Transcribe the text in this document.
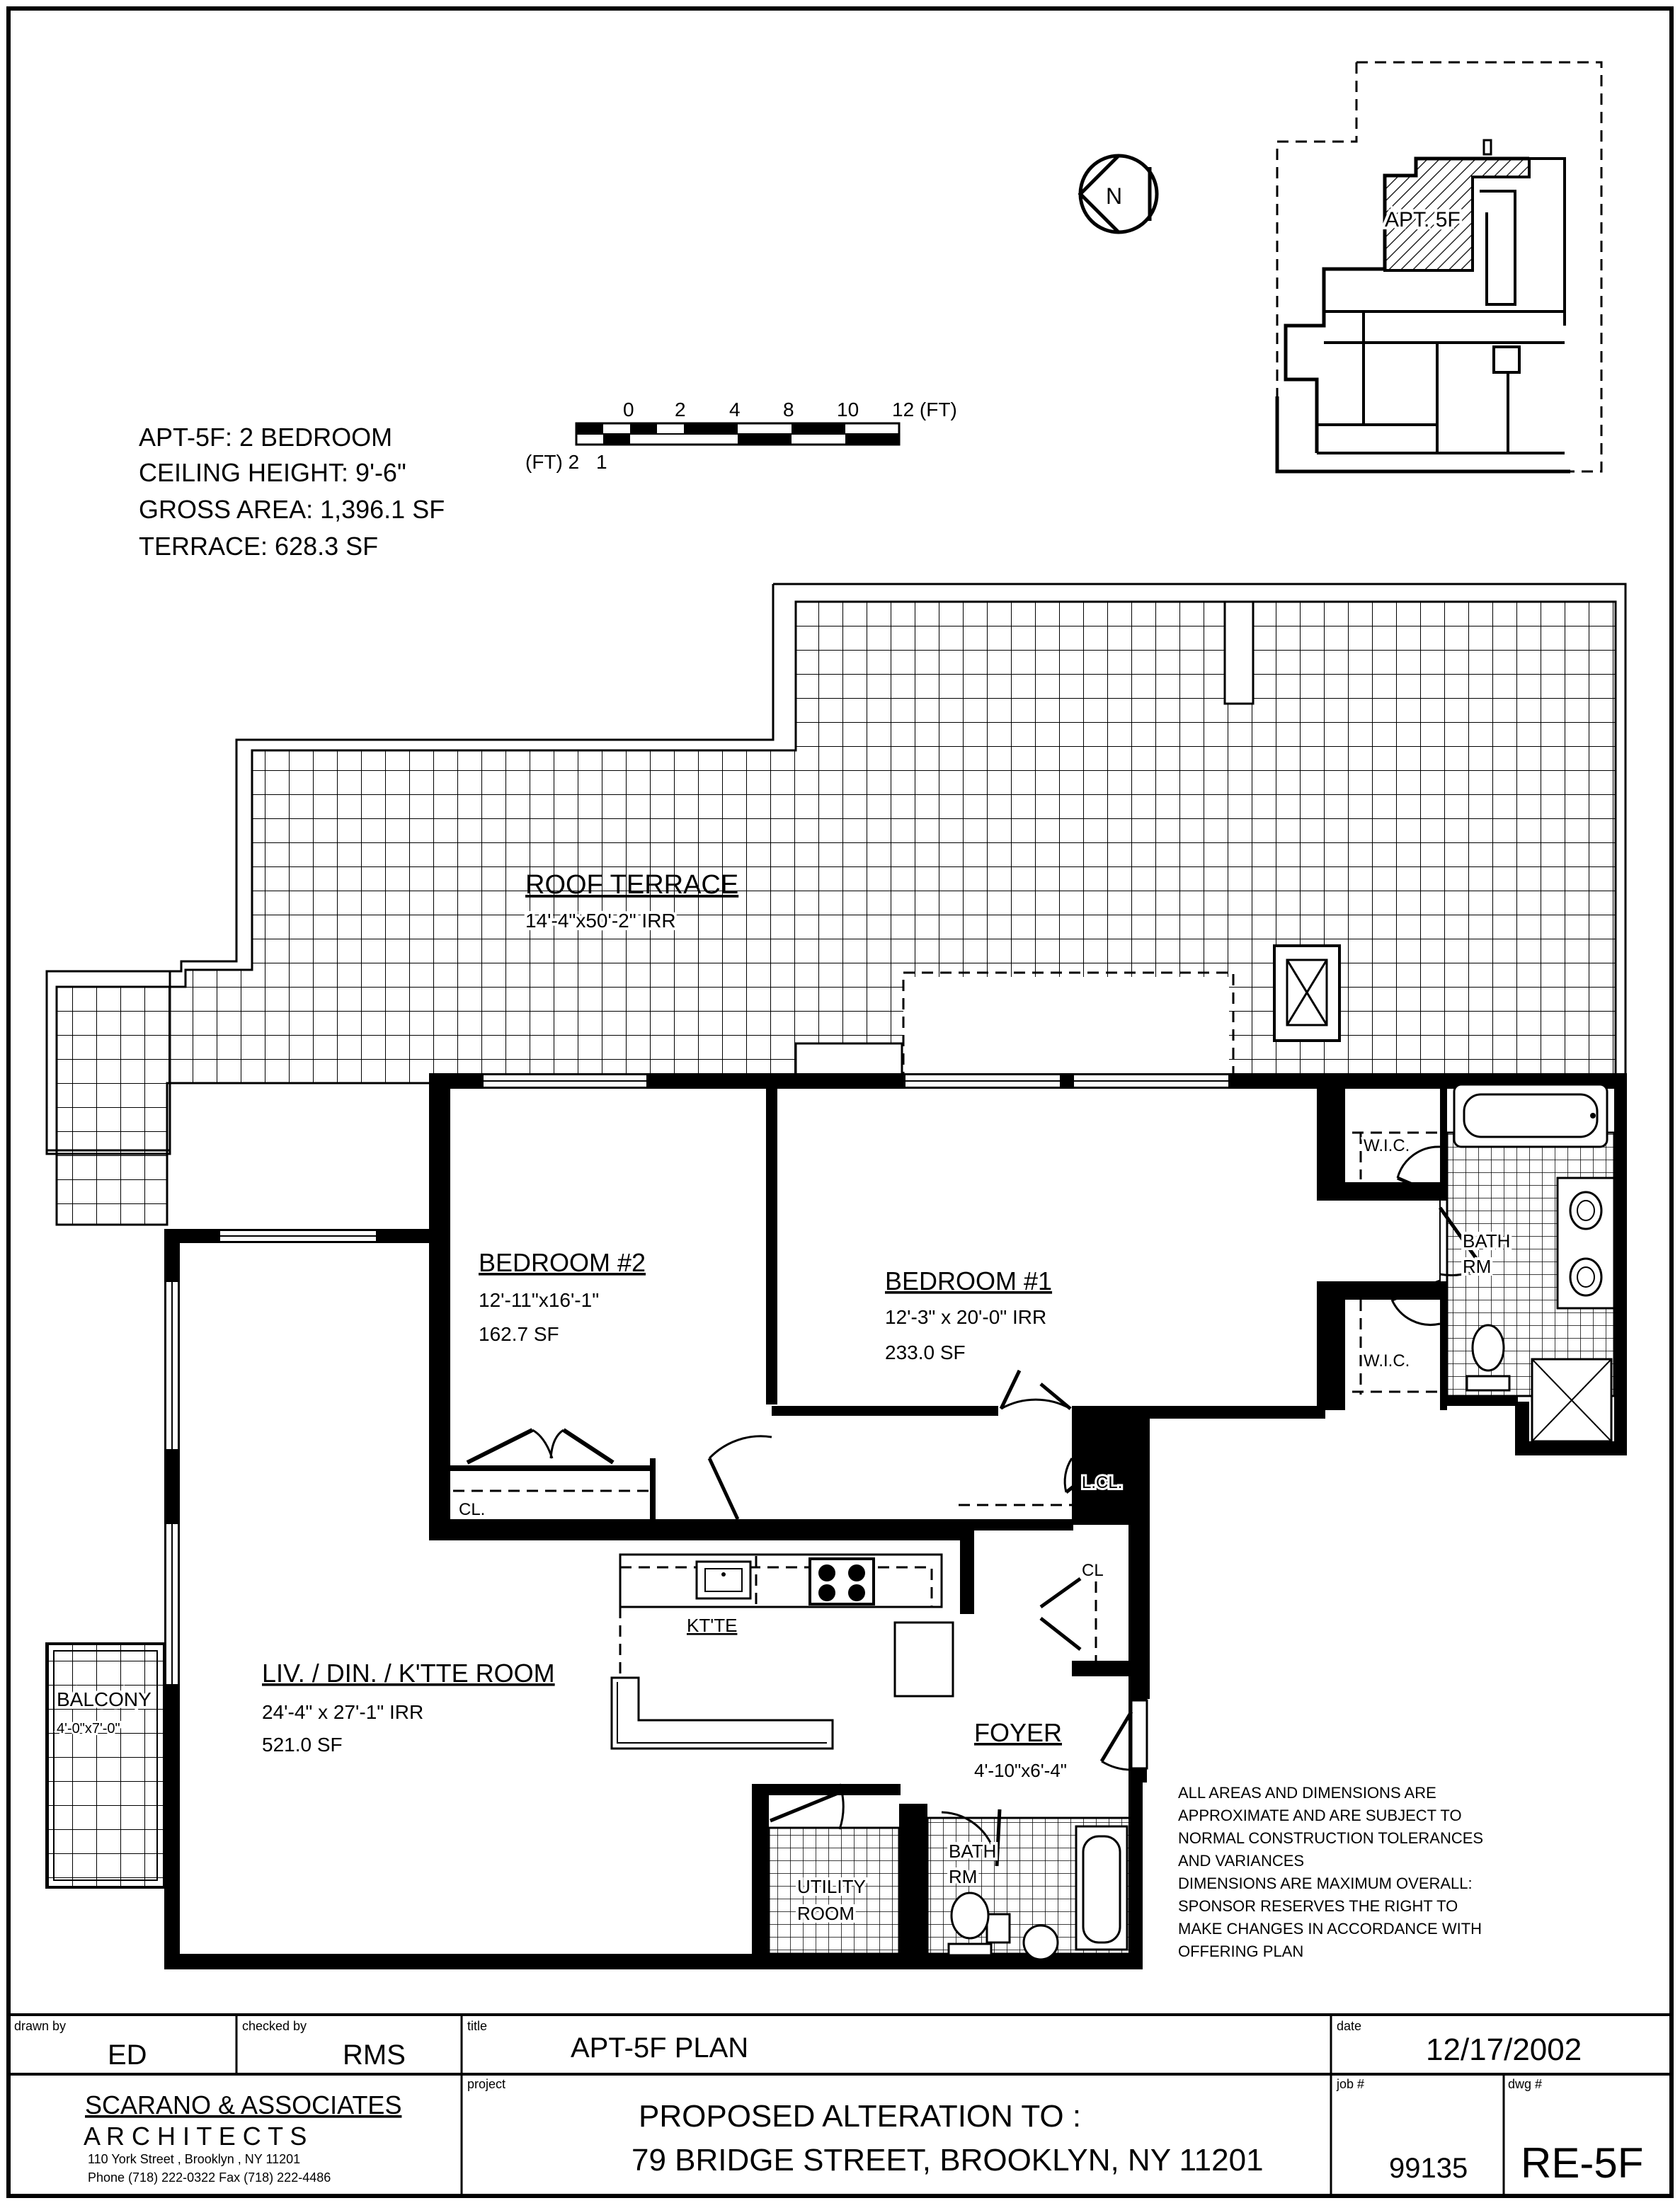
APT-5F: 2 BEDROOM
CEILING HEIGHT: 9'-6"
GROSS AREA: 1,396.1 SF
TERRACE: 628.3 SF
0 2 4 8 10 12 (FT)
(FT) 2 1
N
APT. 5F
ROOF TERRACE
14'-4"x50'-2" IRR
KT'TE
BEDROOM #2
12'-11"x16'-1"
162.7 SF
BEDROOM #1
12'-3" x 20'-0" IRR
233.0 SF
LIV. / DIN. / K'TTE ROOM
24'-4" x 27'-1" IRR
521.0 SF	FOYER
4'-10"x6'-4"
BALCONY
4'-0"x7'-0"
UTILITY
ROOM
BATH
RM
BATH
RM
W.I.C.
W.I.C.
L.CL.
CL
CL.
ALL AREAS AND DIMENSIONS ARE
APPROXIMATE AND ARE SUBJECT TO
NORMAL CONSTRUCTION TOLERANCES
AND VARIANCES
DIMENSIONS ARE MAXIMUM OVERALL:
SPONSOR RESERVES THE RIGHT TO
MAKE CHANGES IN ACCORDANCE WITH
OFFERING PLAN
drawn by
ED
checked by
RMS
title
APT-5F PLAN
date
12/17/2002
SCARANO & ASSOCIATES
A R C H I T E C T S
110 York Street , Brooklyn , NY 11201
Phone (718) 222-0322 Fax (718) 222-4486
project
PROPOSED ALTERATION TO :
79 BRIDGE STREET, BROOKLYN, NY 11201
job #
99135
dwg #
RE-5F
